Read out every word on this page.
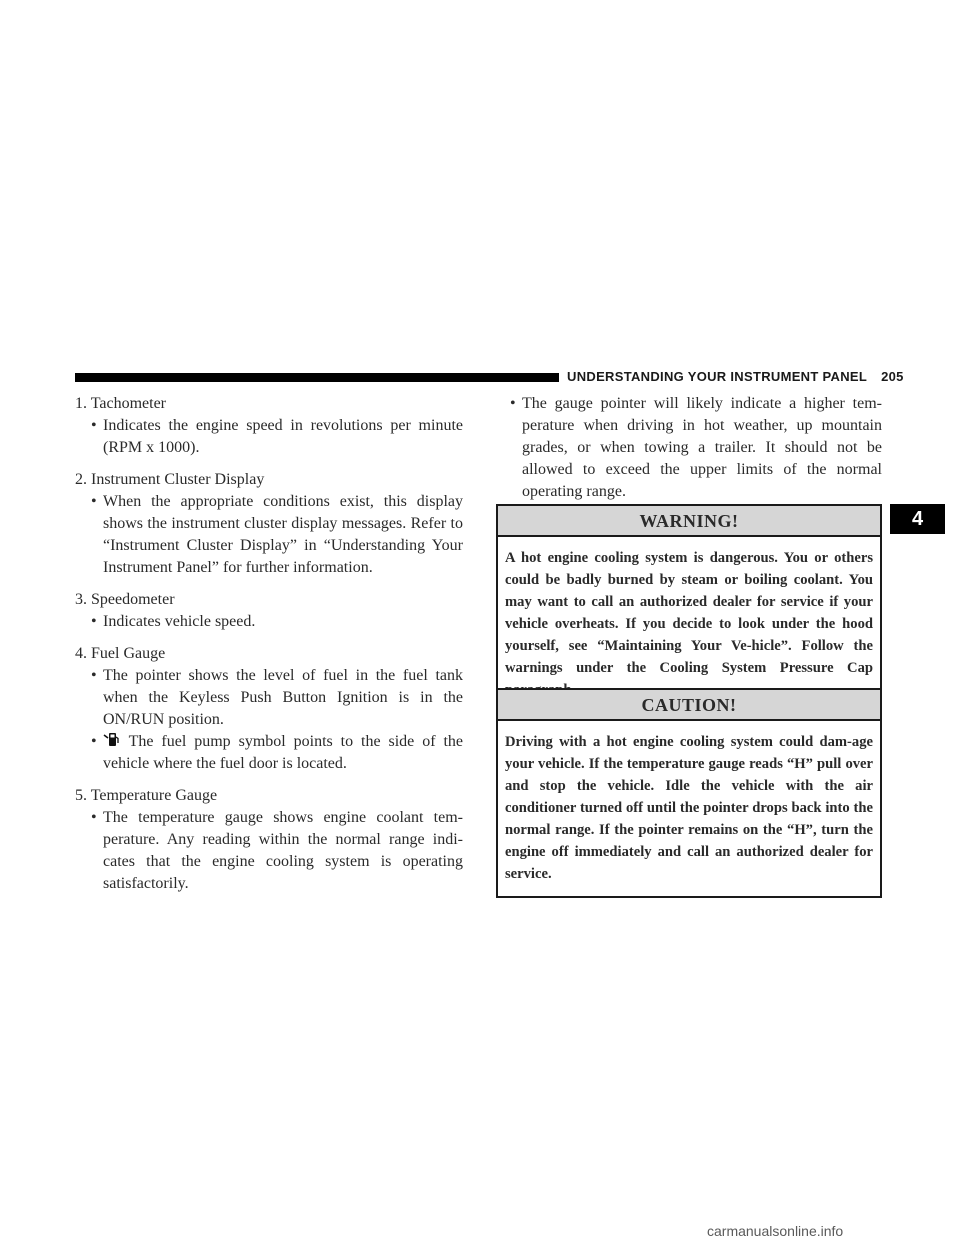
UNDERSTANDING YOUR INSTRUMENT PANEL 205
4

1. Tachometer

• Indicates the engine speed in revolutions per minute (RPM x 1000).

2. Instrument Cluster Display

• When the appropriate conditions exist, this display shows the instrument cluster display messages. Refer to “Instrument Cluster Display” in “Understanding Your Instrument Panel” for further information.

3. Speedometer

• Indicates vehicle speed.

4. Fuel Gauge

• The pointer shows the level of fuel in the fuel tank when the Keyless Push Button Ignition is in the ON/RUN position.

• The fuel pump symbol points to the side of the vehicle where the fuel door is located.

5. Temperature Gauge

• The temperature gauge shows engine coolant tem-perature. Any reading within the normal range indi-cates that the engine cooling system is operating satisfactorily.

• The gauge pointer will likely indicate a higher tem-perature when driving in hot weather, up mountain grades, or when towing a trailer. It should not be allowed to exceed the upper limits of the normal operating range.

WARNING!
A hot engine cooling system is dangerous. You or others could be badly burned by steam or boiling coolant. You may want to call an authorized dealer for service if your vehicle overheats. If you decide to look under the hood yourself, see “Maintaining Your Ve-hicle”. Follow the warnings under the Cooling System Pressure Cap
CAUTION!
Driving with a hot engine cooling system could dam-age your vehicle. If the temperature gauge reads “H” pull over and stop the vehicle. Idle the vehicle with the air conditioner turned off until the pointer drops back into the normal range. If the pointer remains on the “H”, turn the engine off immediately and call an authorized dealer for service.
carmanualsonline.info
